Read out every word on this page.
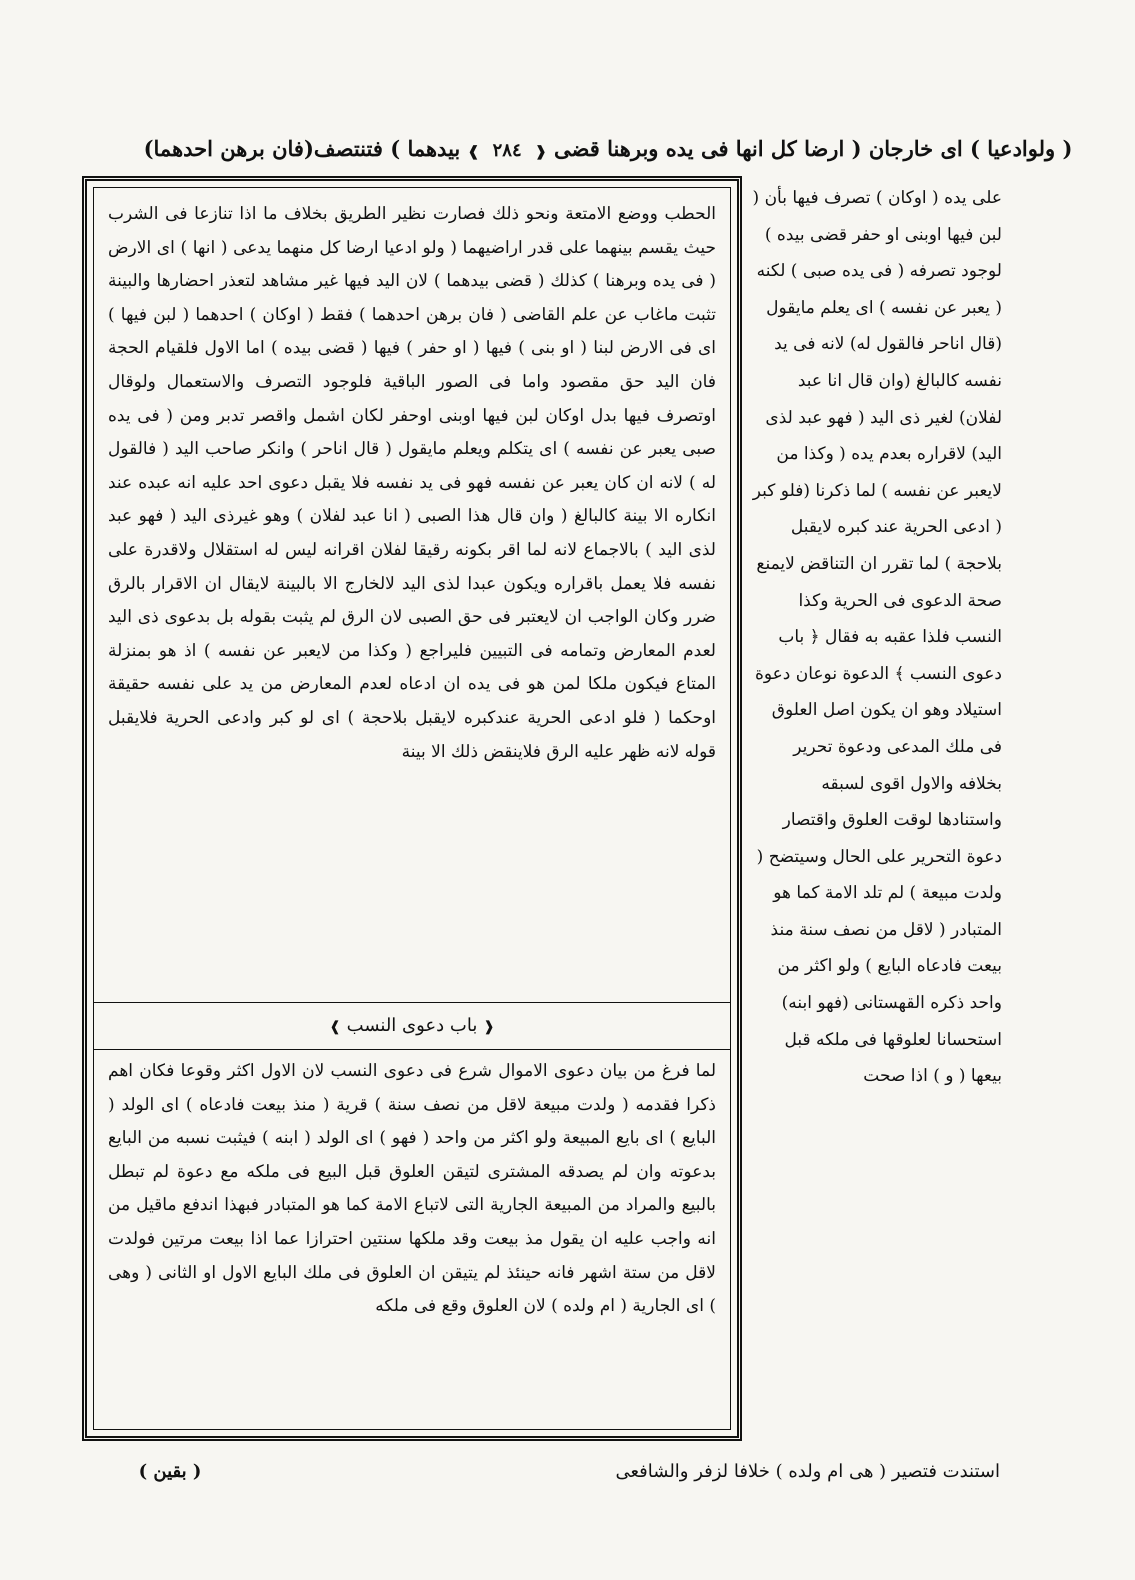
( ولوادعيا ) اى خارجان ( ارضا كل انها فى يده وبرهنا قضى ❰ ٢٨٤ ❱ بيدهما ) فتنتصف(فان برهن احدهما)

الحطب ووضع الامتعة ونحو ذلك فصارت نظير الطريق بخلاف ما اذا تنازعا فى الشرب حيث يقسم بينهما على قدر اراضيهما ( ولو ادعيا ارضا كل منهما يدعى ( انها ) اى الارض ( فى يده وبرهنا ) كذلك ( قضى بيدهما ) لان اليد فيها غير مشاهد لتعذر احضارها والبينة تثبت ماغاب عن علم القاضى ( فان برهن احدهما ) فقط ( اوكان ) احدهما ( لبن فيها ) اى فى الارض لبنا ( او بنى ) فيها ( او حفر ) فيها ( قضى بيده ) اما الاول فلقيام الحجة فان اليد حق مقصود واما فى الصور الباقية فلوجود التصرف والاستعمال ولوقال اوتصرف فيها بدل اوكان لبن فيها اوبنى اوحفر لكان اشمل واقصر تدبر ومن ( فى يده صبى يعبر عن نفسه ) اى يتكلم ويعلم مايقول ( قال اناحر ) وانكر صاحب اليد ( فالقول له ) لانه ان كان يعبر عن نفسه فهو فى يد نفسه فلا يقبل دعوى احد عليه انه عبده عند انكاره الا بينة كالبالغ ( وان قال هذا الصبى ( انا عبد لفلان ) وهو غيرذى اليد ( فهو عبد لذى اليد ) بالاجماع لانه لما اقر بكونه رقيقا لفلان اقرانه ليس له استقلال ولاقدرة على نفسه فلا يعمل باقراره ويكون عبدا لذى اليد لالخارج الا بالبينة لايقال ان الاقرار بالرق ضرر وكان الواجب ان لايعتبر فى حق الصبى لان الرق لم يثبت بقوله بل بدعوى ذى اليد لعدم المعارض وتمامه فى التبيين فليراجع ( وكذا من لايعبر عن نفسه ) اذ هو بمنزلة المتاع فيكون ملكا لمن هو فى يده ان ادعاه لعدم المعارض من يد على نفسه حقيقة اوحكما ( فلو ادعى الحرية عندكبره لايقبل بلاحجة ) اى لو كبر وادعى الحرية فلايقبل قوله لانه ظهر عليه الرق فلاينقض ذلك الا بينة

❰ باب دعوى النسب ❱

لما فرغ من بيان دعوى الاموال شرع فى دعوى النسب لان الاول اكثر وقوعا فكان اهم ذكرا فقدمه ( ولدت مبيعة لاقل من نصف سنة ) قرية ( منذ بيعت فادعاه ) اى الولد ( البايع ) اى بايع المبيعة ولو اكثر من واحد ( فهو ) اى الولد ( ابنه ) فيثبت نسبه من البايع بدعوته وان لم يصدقه المشترى لتيقن العلوق قبل البيع فى ملكه مع دعوة لم تبطل بالبيع والمراد من المبيعة الجارية التى لاتباع الامة كما هو المتبادر فبهذا اندفع ماقيل من انه واجب عليه ان يقول مذ بيعت وقد ملكها سنتين احترازا عما اذا بيعت مرتين فولدت لاقل من ستة اشهر فانه حينئذ لم يتيقن ان العلوق فى ملك البايع الاول او الثانى ( وهى ) اى الجارية ( ام ولده ) لان العلوق وقع فى ملكه

على يده ( اوكان ) تصرف فيها بأن ( لبن فيها اوبنى او حفر قضى بيده ) لوجود تصرفه ( فى يده صبى ) لكنه ( يعبر عن نفسه ) اى يعلم مايقول (قال اناحر فالقول له) لانه فى يد نفسه كالبالغ (وان قال انا عبد لفلان) لغير ذى اليد ( فهو عبد لذى اليد) لاقراره بعدم يده ( وكذا من لايعبر عن نفسه ) لما ذكرنا (فلو كبر ( ادعى الحرية عند كبره لايقبل بلاحجة ) لما تقرر ان التناقض لايمنع صحة الدعوى فى الحرية وكذا النسب فلذا عقبه به فقال ﴿ باب دعوى النسب ﴾ الدعوة نوعان دعوة استيلاد وهو ان يكون اصل العلوق فى ملك المدعى ودعوة تحرير بخلافه والاول اقوى لسبقه واستنادها لوقت العلوق واقتصار دعوة التحرير على الحال وسيتضح ( ولدت مبيعة ) لم تلد الامة كما هو المتبادر ( لاقل من نصف سنة منذ بيعت فادعاه البايع ) ولو اكثر من واحد ذكره القهستانى (فهو ابنه) استحسانا لعلوقها فى ملكه قبل بيعها ( و ) اذا صحت

استندت فتصير ( هى ام ولده ) خلافا لزفر والشافعى
( بقين )
